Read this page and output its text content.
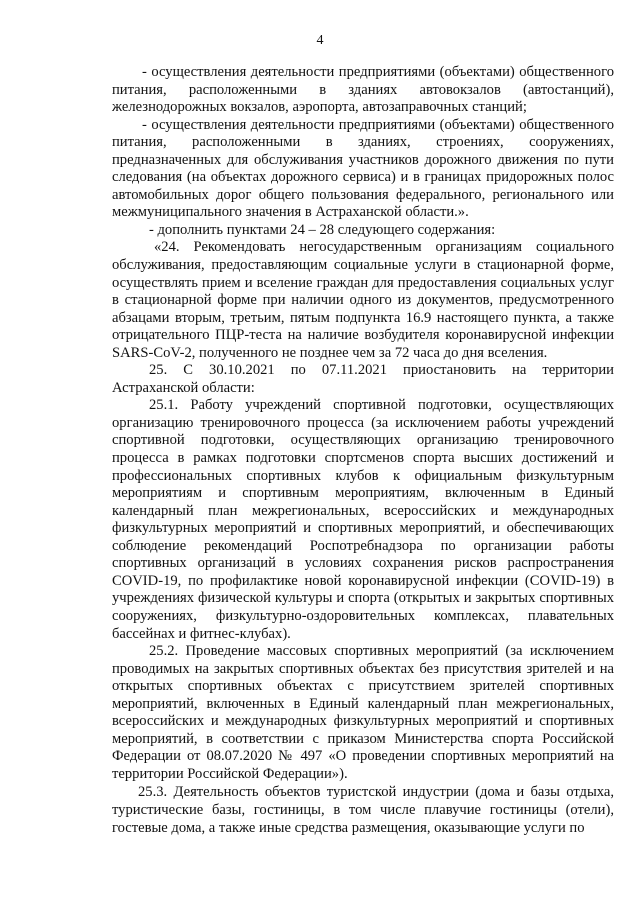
4

- осуществления деятельности предприятиями (объектами) общественного питания, расположенными в зданиях автовокзалов (автостанций), железнодорожных вокзалов, аэропорта, автозаправочных станций;

- осуществления деятельности предприятиями (объектами) общественного питания, расположенными в зданиях, строениях, сооружениях, предназначенных для обслуживания участников дорожного движения по пути следования (на объектах дорожного сервиса) и в границах придорожных полос автомобильных дорог общего пользования федерального, регионального или межмуниципального значения в Астраханской области.».

- дополнить пунктами 24 – 28 следующего содержания:

«24. Рекомендовать негосударственным организациям социального обслуживания, предоставляющим социальные услуги в стационарной форме, осуществлять прием и вселение граждан для предоставления социальных услуг в стационарной форме при наличии одного из документов, предусмотренного абзацами вторым, третьим, пятым подпункта 16.9 настоящего пункта, а также отрицательного ПЦР-теста на наличие возбудителя коронавирусной инфекции SARS-CoV-2, полученного не позднее чем за 72 часа до дня вселения.

25. С 30.10.2021 по 07.11.2021 приостановить на территории Астраханской области:

25.1. Работу учреждений спортивной подготовки, осуществляющих организацию тренировочного процесса (за исключением работы учреждений спортивной подготовки, осуществляющих организацию тренировочного процесса в рамках подготовки спортсменов спорта высших достижений и профессиональных спортивных клубов к официальным физкультурным мероприятиям и спортивным мероприятиям, включенным в Единый календарный план межрегиональных, всероссийских и международных физкультурных мероприятий и спортивных мероприятий, и обеспечивающих соблюдение рекомендаций Роспотребнадзора по организации работы спортивных организаций в условиях сохранения рисков распространения COVID-19, по профилактике новой коронавирусной инфекции (COVID-19) в учреждениях физической культуры и спорта (открытых и закрытых спортивных сооружениях, физкультурно-оздоровительных комплексах, плавательных бассейнах и фитнес-клубах).

25.2. Проведение массовых спортивных мероприятий (за исключением проводимых на закрытых спортивных объектах без присутствия зрителей и на открытых спортивных объектах с присутствием зрителей спортивных мероприятий, включенных в Единый календарный план межрегиональных, всероссийских и международных физкультурных мероприятий и спортивных мероприятий, в соответствии с приказом Министерства спорта Российской Федерации от 08.07.2020 № 497 «О проведении спортивных мероприятий на территории Российской Федерации»).

25.3. Деятельность объектов туристской индустрии (дома и базы отдыха, туристические базы, гостиницы, в том числе плавучие гостиницы (отели), гостевые дома, а также иные средства размещения, оказывающие услуги по
